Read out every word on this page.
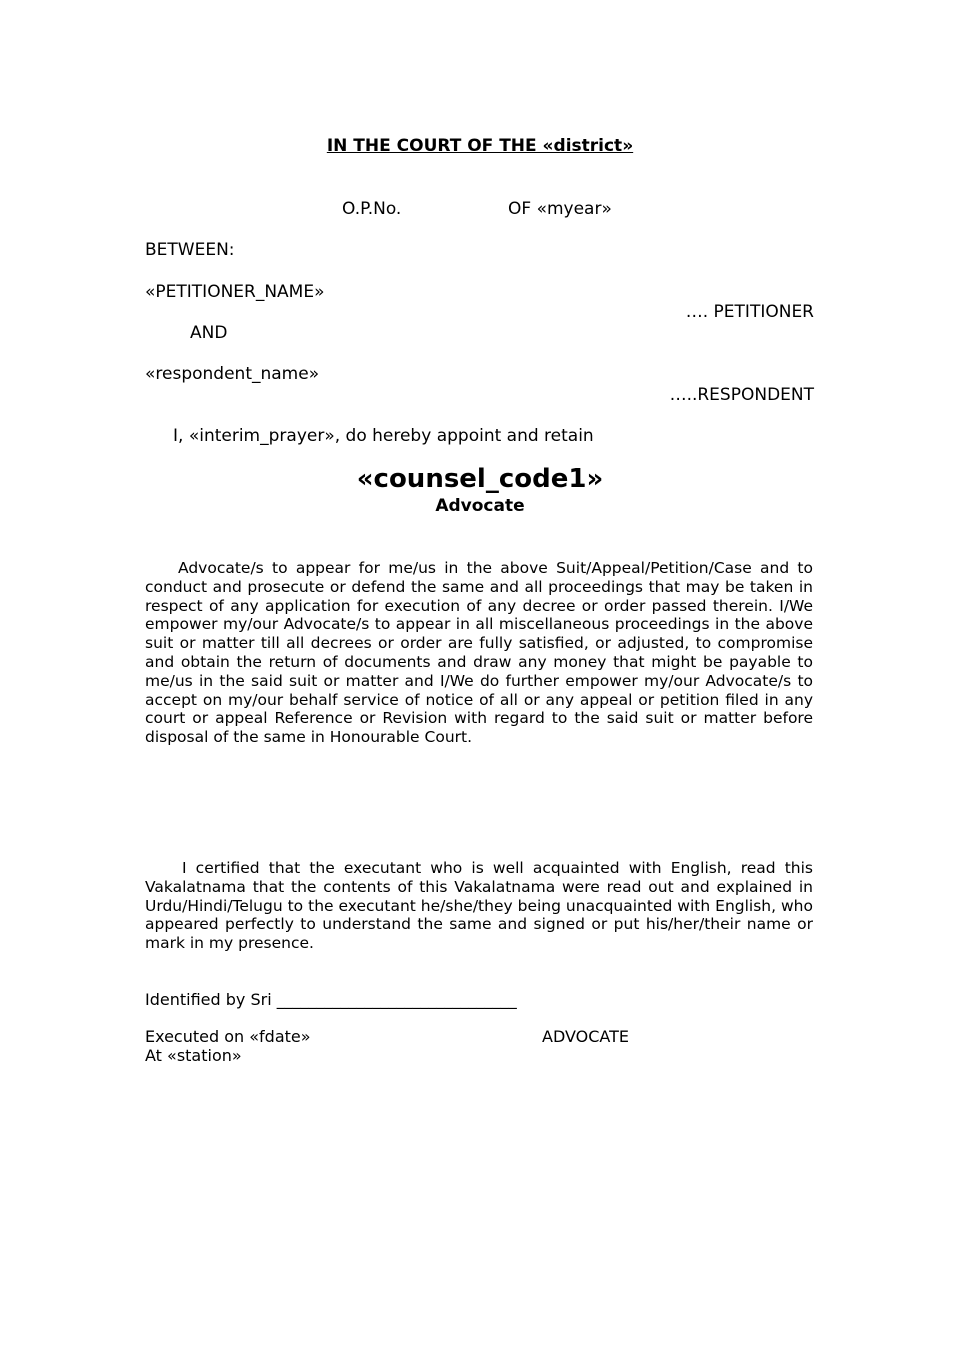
IN THE COURT OF THE «district»
O.P.No.	OF «myear»
BETWEEN:
«PETITIONER_NAME»
…. PETITIONER
AND
«respondent_name»
…..RESPONDENT
I, «interim_prayer», do hereby appoint and retain
«counsel_code1»
Advocate
Advocate/s to appear for me/us in the above Suit/Appeal/Petition/Case and to conduct and prosecute or defend the same and all proceedings that may be taken in respect of any application for execution of any decree or order passed therein. I/We empower my/our Advocate/s to appear in all miscellaneous proceedings in the above suit or matter till all decrees or order are fully satisfied, or adjusted, to compromise and obtain the return of documents and draw any money that might be payable to me/us in the said suit or matter and I/We do further empower my/our Advocate/s to accept on my/our behalf service of notice of all or any appeal or petition filed in any court or appeal Reference or Revision with regard to the said suit or matter before disposal of the same in Honourable Court.
I certified that the executant who is well acquainted with English, read this Vakalatnama that the contents of this Vakalatnama were read out and explained in Urdu/Hindi/Telugu to the executant he/she/they being unacquainted with English, who appeared perfectly to understand the same and signed or put his/her/their name or mark in my presence.
Identified by Sri ______________________________
Executed on «fdate»	ADVOCATE
At «station»
